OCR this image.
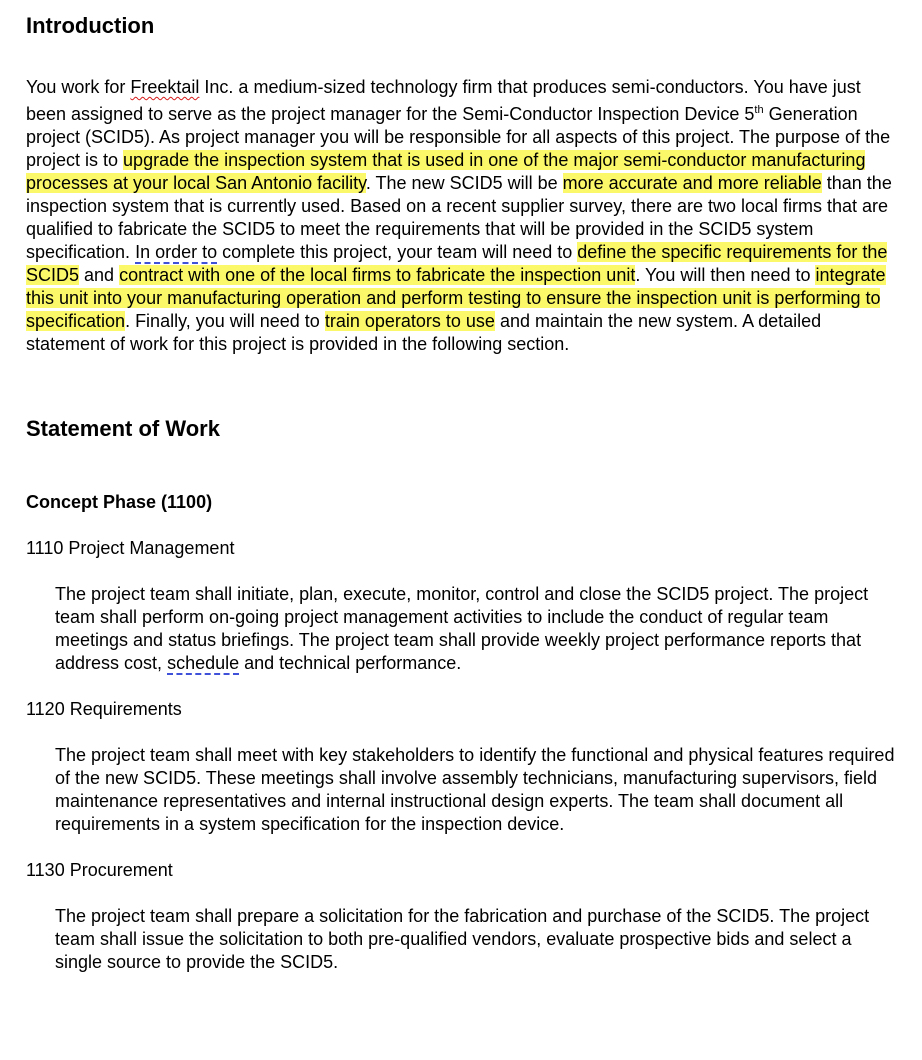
Introduction

You work for Freektail Inc. a medium-sized technology firm that produces semi-conductors. You have just been assigned to serve as the project manager for the Semi-Conductor Inspection Device 5th Generation project (SCID5). As project manager you will be responsible for all aspects of this project. The purpose of the project is to upgrade the inspection system that is used in one of the major semi-conductor manufacturing processes at your local San Antonio facility. The new SCID5 will be more accurate and more reliable than the inspection system that is currently used. Based on a recent supplier survey, there are two local firms that are qualified to fabricate the SCID5 to meet the requirements that will be provided in the SCID5 system specification. In order to complete this project, your team will need to define the specific requirements for the SCID5 and contract with one of the local firms to fabricate the inspection unit. You will then need to integrate this unit into your manufacturing operation and perform testing to ensure the inspection unit is performing to specification. Finally, you will need to train operators to use and maintain the new system. A detailed statement of work for this project is provided in the following section.

Statement of Work

Concept Phase (1100)

1110 Project Management

The project team shall initiate, plan, execute, monitor, control and close the SCID5 project. The project team shall perform on-going project management activities to include the conduct of regular team meetings and status briefings. The project team shall provide weekly project performance reports that address cost, schedule and technical performance.

1120 Requirements

The project team shall meet with key stakeholders to identify the functional and physical features required of the new SCID5. These meetings shall involve assembly technicians, manufacturing supervisors, field maintenance representatives and internal instructional design experts. The team shall document all requirements in a system specification for the inspection device.

1130 Procurement

The project team shall prepare a solicitation for the fabrication and purchase of the SCID5. The project team shall issue the solicitation to both pre-qualified vendors, evaluate prospective bids and select a single source to provide the SCID5.
